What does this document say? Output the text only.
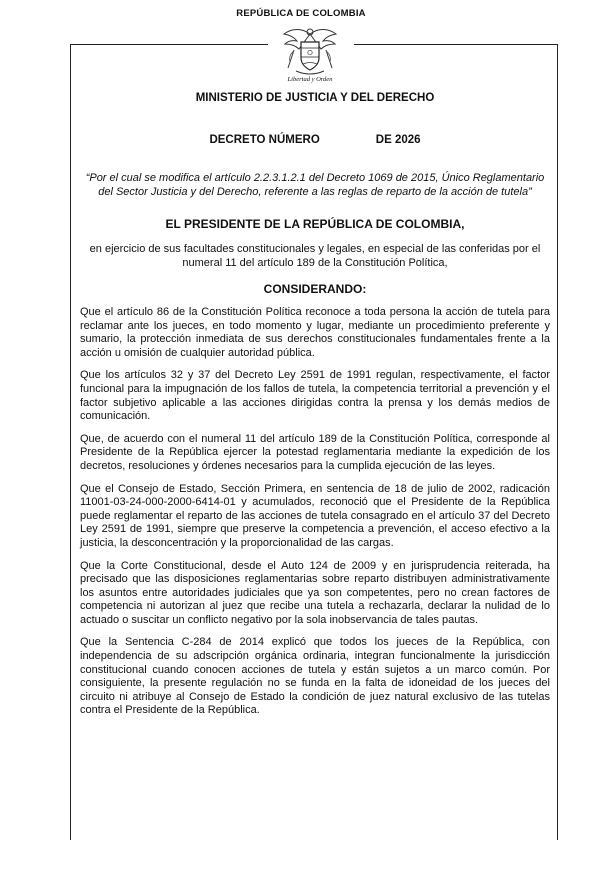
REPÚBLICA DE COLOMBIA
Libertad y Orden

MINISTERIO DE JUSTICIA Y DEL DERECHO

DECRETO NÚMERO	DE 2026

“Por el cual se modifica el artículo 2.2.3.1.2.1 del Decreto 1069 de 2015, Único Reglamentario del Sector Justicia y del Derecho, referente a las reglas de reparto de la acción de tutela”

EL PRESIDENTE DE LA REPÚBLICA DE COLOMBIA,

en ejercicio de sus facultades constitucionales y legales, en especial de las conferidas por el numeral 11 del artículo 189 de la Constitución Política,

CONSIDERANDO:

Que el artículo 86 de la Constitución Política reconoce a toda persona la acción de tutela para reclamar ante los jueces, en todo momento y lugar, mediante un procedimiento preferente y sumario, la protección inmediata de sus derechos constitucionales fundamentales frente a la acción u omisión de cualquier autoridad pública.

Que los artículos 32 y 37 del Decreto Ley 2591 de 1991 regulan, respectivamente, el factor funcional para la impugnación de los fallos de tutela, la competencia territorial a prevención y el factor subjetivo aplicable a las acciones dirigidas contra la prensa y los demás medios de comunicación.

Que, de acuerdo con el numeral 11 del artículo 189 de la Constitución Política, corresponde al Presidente de la República ejercer la potestad reglamentaria mediante la expedición de los decretos, resoluciones y órdenes necesarios para la cumplida ejecución de las leyes.

Que el Consejo de Estado, Sección Primera, en sentencia de 18 de julio de 2002, radicación 11001-03-24-000-2000-6414-01 y acumulados, reconoció que el Presidente de la República puede reglamentar el reparto de las acciones de tutela consagrado en el artículo 37 del Decreto Ley 2591 de 1991, siempre que preserve la competencia a prevención, el acceso efectivo a la justicia, la desconcentración y la proporcionalidad de las cargas.

Que la Corte Constitucional, desde el Auto 124 de 2009 y en jurisprudencia reiterada, ha precisado que las disposiciones reglamentarias sobre reparto distribuyen administrativamente los asuntos entre autoridades judiciales que ya son competentes, pero no crean factores de competencia ni autorizan al juez que recibe una tutela a rechazarla, declarar la nulidad de lo actuado o suscitar un conflicto negativo por la sola inobservancia de tales pautas.

Que la Sentencia C-284 de 2014 explicó que todos los jueces de la República, con independencia de su adscripción orgánica ordinaria, integran funcionalmente la jurisdicción constitucional cuando conocen acciones de tutela y están sujetos a un marco común. Por consiguiente, la presente regulación no se funda en la falta de idoneidad de los jueces del circuito ni atribuye al Consejo de Estado la condición de juez natural exclusivo de las tutelas contra el Presidente de la República.
